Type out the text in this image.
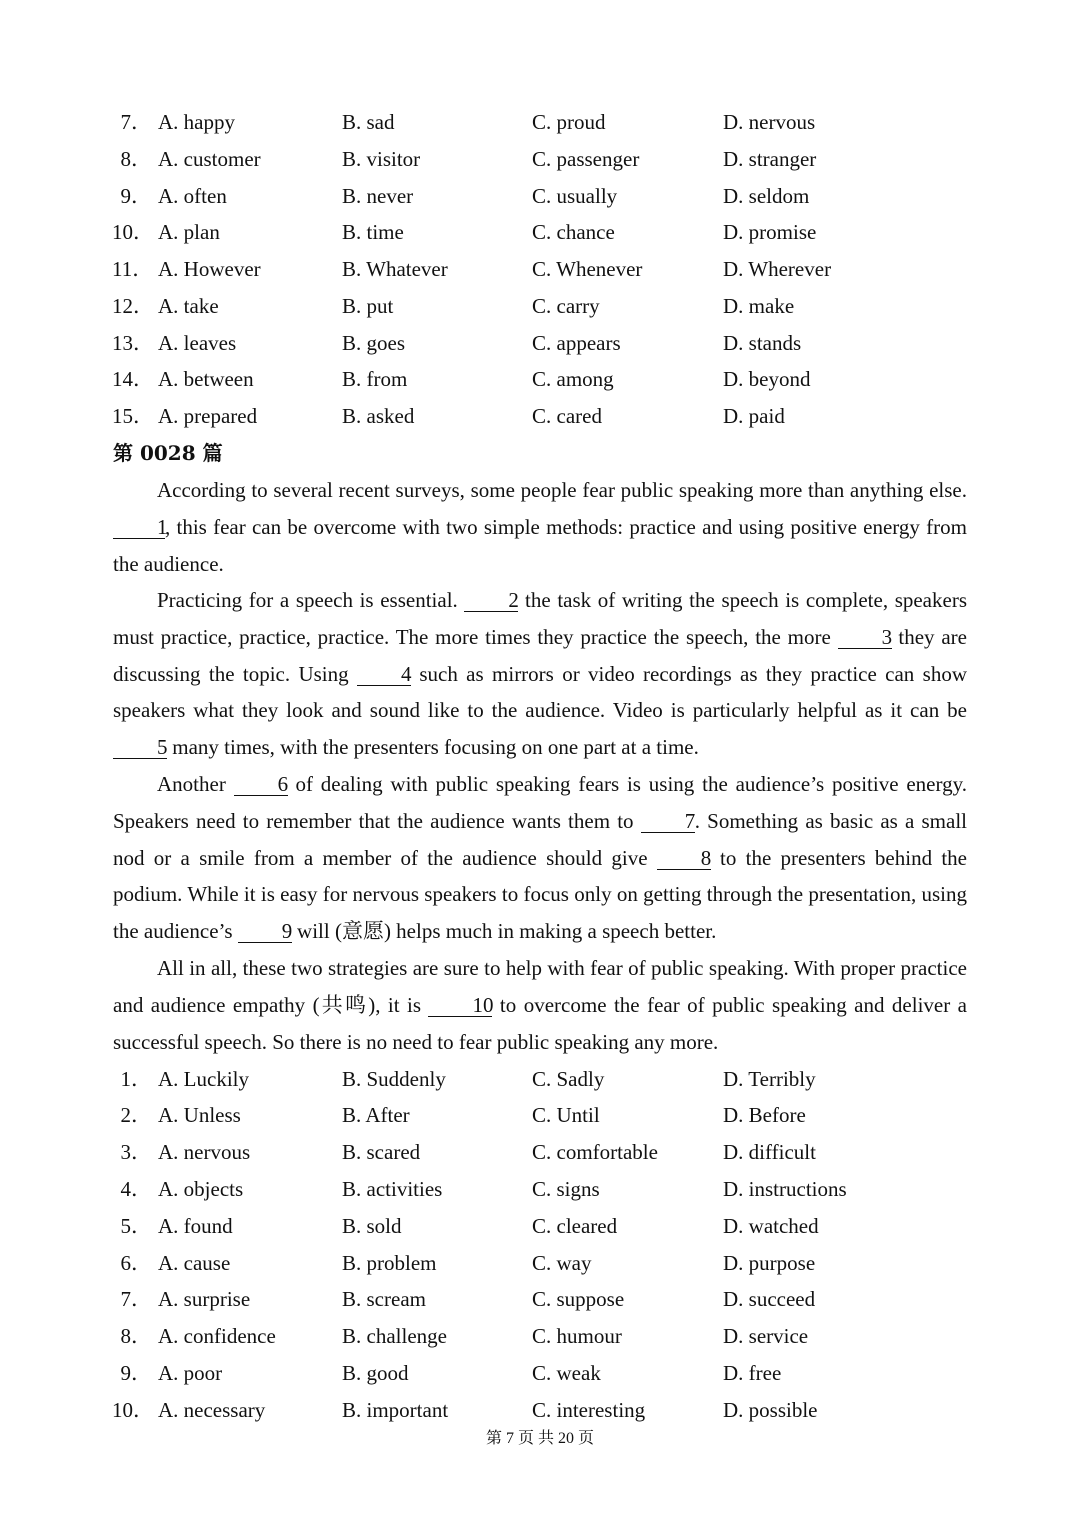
7． A. happy	B. sad	C. proud	D. nervous
8． A. customer	B. visitor	C. passenger	D. stranger
9． A. often	B. never	C. usually	D. seldom
10． A. plan	B. time	C. chance	D. promise
11． A. However	B. Whatever	C. Whenever	D. Wherever
12． A. take	B. put	C. carry	D. make
13． A. leaves	B. goes	C. appears	D. stands
14． A. between	B. from	C. among	D. beyond
15． A. prepared	B. asked	C. cared	D. paid
第 0028 篇

According to several recent surveys, some people fear public speaking more than anything else. 1, this fear can be overcome with two simple methods: practice and using positive energy from the audience.

Practicing for a speech is essential. 2 the task of writing the speech is complete, speakers must practice, practice, practice. The more times they practice the speech, the more 3 they are discussing the topic. Using 4 such as mirrors or video recordings as they practice can show speakers what they look and sound like to the audience. Video is particularly helpful as it can be 5 many times, with the presenters focusing on one part at a time.

Another 6 of dealing with public speaking fears is using the audience’s positive energy. Speakers need to remember that the audience wants them to 7. Something as basic as a small nod or a smile from a member of the audience should give 8 to the presenters behind the podium. While it is easy for nervous speakers to focus only on getting through the presentation, using the audience’s 9 will (意愿) helps much in making a speech better.

All in all, these two strategies are sure to help with fear of public speaking. With proper practice and audience empathy (共鸣), it is 10 to overcome the fear of public speaking and deliver a successful speech. So there is no need to fear public speaking any more.

1． A. Luckily	B. Suddenly	C. Sadly	D. Terribly
2． A. Unless	B. After	C. Until	D. Before
3． A. nervous	B. scared	C. comfortable	D. difficult
4． A. objects	B. activities	C. signs	D. instructions
5． A. found	B. sold	C. cleared	D. watched
6． A. cause	B. problem	C. way	D. purpose
7． A. surprise	B. scream	C. suppose	D. succeed
8． A. confidence	B. challenge	C. humour	D. service
9． A. poor	B. good	C. weak	D. free
10． A. necessary	B. important	C. interesting	D. possible
第 7 页 共 20 页
